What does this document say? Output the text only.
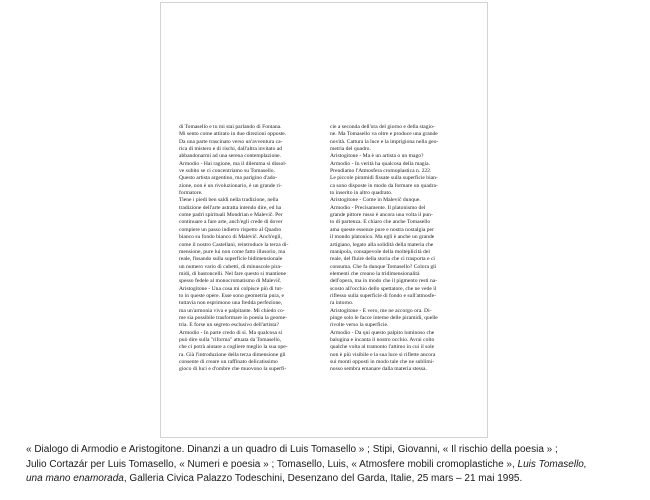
di Tomasello e tu mi stai parlando di Fontana.
Mi sento come attirato in due direzioni opposte.
Da una parte trascinato verso un'avventura ca-
rica di mistero e di rischi, dall'altra invitato ad
abbandonarmi ad una serena contemplazione.
Armodio - Hai ragione, ma il dilemma si dissol-
ve subito se ci concentriamo su Tomasello.
Questo artista argentino, ma parigino d'ado-
zione, non è un rivoluzionario, è un grande ri-
formatore.
Tiene i piedi ben saldi nella tradizione, nella
tradizione dell'arte astratta intendo dire, ed ha
come padri spirituali Mondrian e Malevič. Per
continuare a fare arte, anch'egli crede di dover
compiere un passo indietro rispetto al Quadro
bianco su fondo bianco di Malevič. Anch'egli,
come il nostro Castellani, reintroduce la terza di-
mensione, pure lui non come fatto illusorio, ma
reale, fissando sulla superficie bidimensionale
un numero vario di cubetti, di minuscole pira-
midi, di bastoncelli. Nel fare questo si mantiene
spesso fedele al monocromatismo di Malevič.
Aristogitone - Una cosa mi colpisce più di tut-
to in queste opere. Esse sono geometria pura, e
tuttavia non esprimono una fredda perfezione,
ma un'armonia viva e palpitante. Mi chiedo co-
me sia possibile trasformare in poesia la geome-
tria. È forse un segreto esclusivo dell'artista?
Armodio - In parte credo di sì. Ma qualcosa si
può dire sulla "riforma" attuata da Tomasello,
che ci potrà aiutare a cogliere meglio la sua ope-
ra. Già l'introduzione della terza dimensione gli
consente di creare un raffinato delicatissimo
gioco di luci e d'ombre che muovono la superfi-
cie a seconda dell'ora del giorno e della stagio-
ne. Ma Tomasello va oltre e produce una grande
novità. Cattura la luce e la imprigiona nella geo-
metria del quadro.
Aristogitone - Ma è un artista o un mago?
Armodio - In verità ha qualcosa della magia.
Prendiamo l'Atmosfera cromoplastica n. 222.
Le piccole piramidi fissate sulla superficie bian-
ca sono disposte in modo da formare un quadra-
to inserito in altro quadrato.
Aristogitone - Come in Malevič dunque.
Armodio - Precisamente. Il platonismo del
grande pittore russo è ancora una volta il pun-
to di partenza. È chiaro che anche Tomasello
ama queste essenze pure e nostra nostalgia per
il mondo platonico. Ma egli è anche un grande
artigiano, legato alla solidità della materia che
manipola, consapevole della molteplicità del
reale, del fluire della storia che ci trasporta e ci
consuma. Che fa dunque Tomasello? Colora gli
elementi che creano la tridimensionalità
dell'opera, ma in modo che il pigmento resti na-
scosto all'occhio dello spettatore, che ne vede il
riflesso sulla superficie di fondo e sull'atmosfe-
ra intorno.
Aristogitone - È vero, me ne accorgo ora. Di-
pinge solo le facce interne delle piramidi, quelle
rivolte verso la superficie.
Armodio - Da qui questo palpito luminoso che
balugina e incanta il nostro occhio. Avrai colto
qualche volta al tramonto l'attimo in cui il sole
non è più visibile e la sua luce si riflette ancora
sui monti opposti in modo tale che ne sublimi-
nosso sembra emanare dalla materia stessa.
« Dialogo di Armodio e Aristogitone. Dinanzi a un quadro di Luis Tomasello » ; Stipi, Giovanni, « Il rischio della poesia » ;
Julio Cortazár per Luis Tomasello, « Numeri e poesia » ; Tomasello, Luis, « Atmosfere mobili cromoplastiche », Luis Tomasello,
una mano enamorada, Galleria Civica Palazzo Todeschini, Desenzano del Garda, Italie, 25 mars – 21 mai 1995.
